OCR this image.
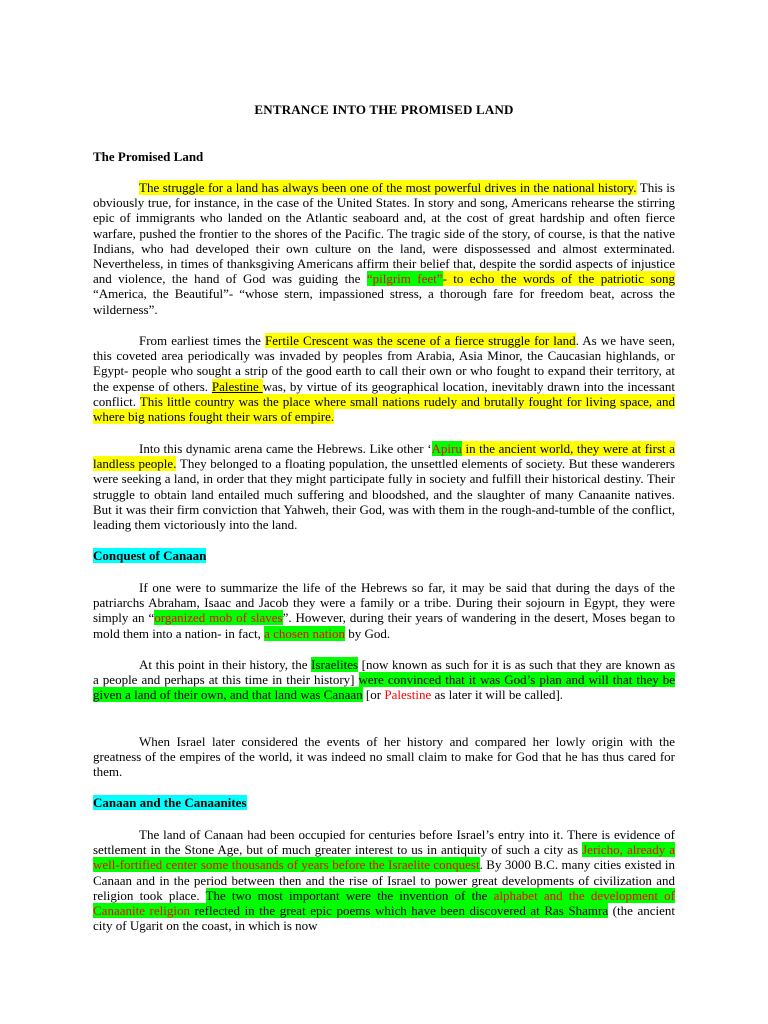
ENTRANCE INTO THE PROMISED LAND
The Promised Land

The struggle for a land has always been one of the most powerful drives in the national history. This is obviously true, for instance, in the case of the United States. In story and song, Americans rehearse the stirring epic of immigrants who landed on the Atlantic seaboard and, at the cost of great hardship and often fierce warfare, pushed the frontier to the shores of the Pacific. The tragic side of the story, of course, is that the native Indians, who had developed their own culture on the land, were dispossessed and almost exterminated. Nevertheless, in times of thanksgiving Americans affirm their belief that, despite the sordid aspects of injustice and violence, the hand of God was guiding the “pilgrim feet”- to echo the words of the patriotic song “America, the Beautiful”- “whose stern, impassioned stress, a thorough fare for freedom beat, across the wilderness”.

From earliest times the Fertile Crescent was the scene of a fierce struggle for land. As we have seen, this coveted area periodically was invaded by peoples from Arabia, Asia Minor, the Caucasian highlands, or Egypt- people who sought a strip of the good earth to call their own or who fought to expand their territory, at the expense of others. Palestine was, by virtue of its geographical location, inevitably drawn into the incessant conflict. This little country was the place where small nations rudely and brutally fought for living space, and where big nations fought their wars of empire.

Into this dynamic arena came the Hebrews. Like other ‘Apiru in the ancient world, they were at first a landless people. They belonged to a floating population, the unsettled elements of society. But these wanderers were seeking a land, in order that they might participate fully in society and fulfill their historical destiny. Their struggle to obtain land entailed much suffering and bloodshed, and the slaughter of many Canaanite natives. But it was their firm conviction that Yahweh, their God, was with them in the rough-and-tumble of the conflict, leading them victoriously into the land.

Conquest of Canaan

If one were to summarize the life of the Hebrews so far, it may be said that during the days of the patriarchs Abraham, Isaac and Jacob they were a family or a tribe. During their sojourn in Egypt, they were simply an “organized mob of slaves”. However, during their years of wandering in the desert, Moses began to mold them into a nation- in fact, a chosen nation by God.

At this point in their history, the Israelites [now known as such for it is as such that they are known as a people and perhaps at this time in their history] were convinced that it was God’s plan and will that they be given a land of their own, and that land was Canaan [or Palestine as later it will be called].

When Israel later considered the events of her history and compared her lowly origin with the greatness of the empires of the world, it was indeed no small claim to make for God that he has thus cared for them.

Canaan and the Canaanites

The land of Canaan had been occupied for centuries before Israel’s entry into it. There is evidence of settlement in the Stone Age, but of much greater interest to us in antiquity of such a city as Jericho, already a well-fortified center some thousands of years before the Israelite conquest. By 3000 B.C. many cities existed in Canaan and in the period between then and the rise of Israel to power great developments of civilization and religion took place. The two most important were the invention of the alphabet and the development of Canaanite religion reflected in the great epic poems which have been discovered at Ras Shamra (the ancient city of Ugarit on the coast, in which is now
